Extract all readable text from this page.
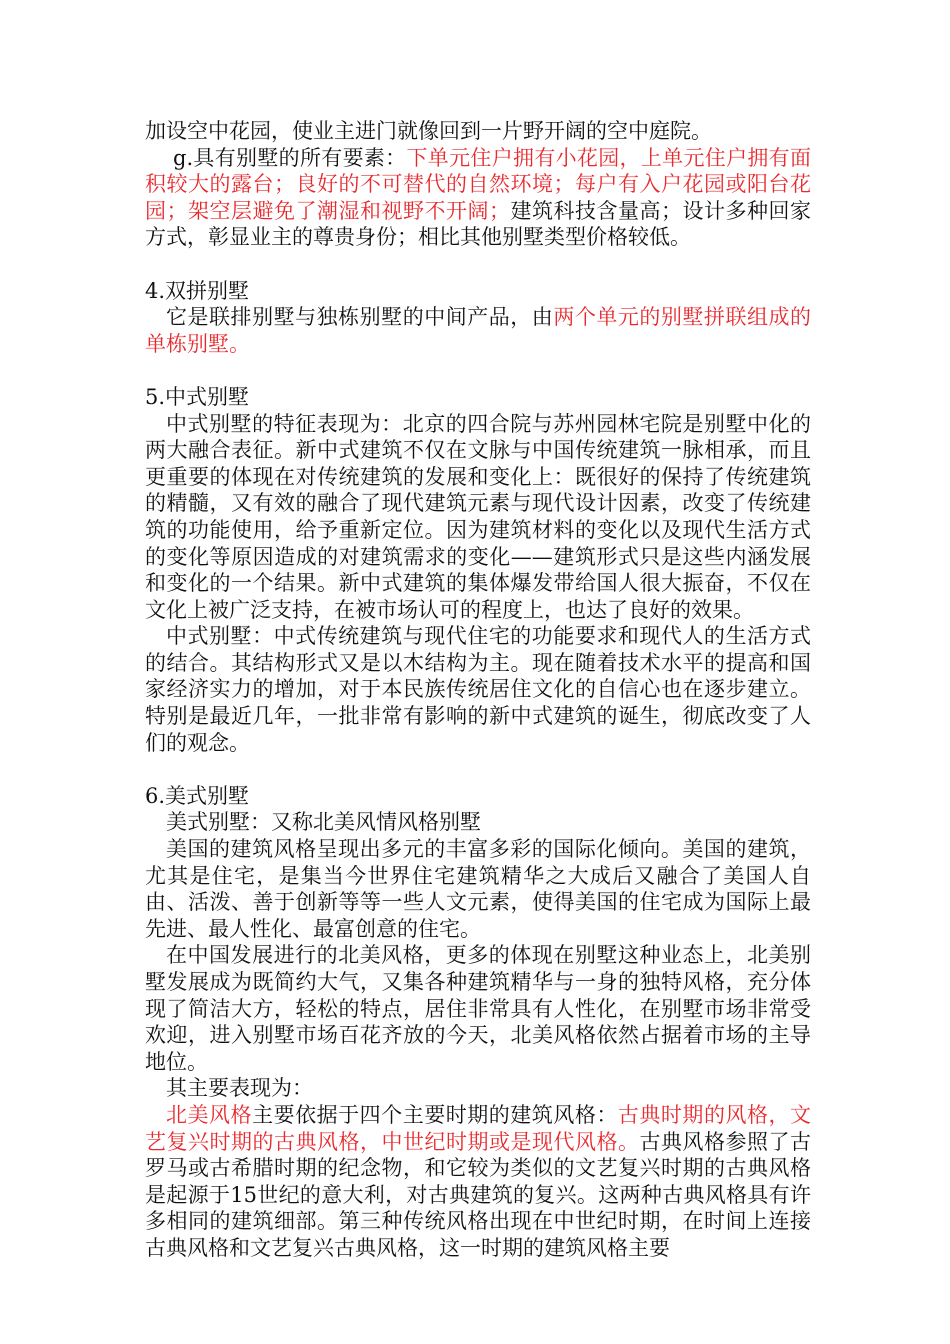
加设空中花园，使业主进门就像回到一片野开阔的空中庭院。

g.具有别墅的所有要素：下单元住户拥有小花园，上单元住户拥有面积较大的露台；良好的不可替代的自然环境；每户有入户花园或阳台花园；架空层避免了潮湿和视野不开阔；建筑科技含量高；设计多种回家方式，彰显业主的尊贵身份；相比其他别墅类型价格较低。

4.双拼别墅

它是联排别墅与独栋别墅的中间产品，由两个单元的别墅拼联组成的单栋别墅。

5.中式别墅

中式别墅的特征表现为：北京的四合院与苏州园林宅院是别墅中化的两大融合表征。新中式建筑不仅在文脉与中国传统建筑一脉相承，而且更重要的体现在对传统建筑的发展和变化上：既很好的保持了传统建筑的精髓，又有效的融合了现代建筑元素与现代设计因素，改变了传统建筑的功能使用，给予重新定位。因为建筑材料的变化以及现代生活方式的变化等原因造成的对建筑需求的变化——建筑形式只是这些内涵发展和变化的一个结果。新中式建筑的集体爆发带给国人很大振奋，不仅在文化上被广泛支持，在被市场认可的程度上，也达了良好的效果。

中式别墅：中式传统建筑与现代住宅的功能要求和现代人的生活方式的结合。其结构形式又是以木结构为主。现在随着技术水平的提高和国家经济实力的增加，对于本民族传统居住文化的自信心也在逐步建立。特别是最近几年，一批非常有影响的新中式建筑的诞生，彻底改变了人们的观念。

6.美式别墅

美式别墅：又称北美风情风格别墅

美国的建筑风格呈现出多元的丰富多彩的国际化倾向。美国的建筑，尤其是住宅，是集当今世界住宅建筑精华之大成后又融合了美国人自由、活泼、善于创新等等一些人文元素，使得美国的住宅成为国际上最先进、最人性化、最富创意的住宅。

在中国发展进行的北美风格，更多的体现在别墅这种业态上，北美别墅发展成为既简约大气，又集各种建筑精华与一身的独特风格，充分体现了简洁大方，轻松的特点，居住非常具有人性化，在别墅市场非常受欢迎，进入别墅市场百花齐放的今天，北美风格依然占据着市场的主导地位。

其主要表现为：

北美风格主要依据于四个主要时期的建筑风格：古典时期的风格，文艺复兴时期的古典风格，中世纪时期或是现代风格。古典风格参照了古罗马或古希腊时期的纪念物，和它较为类似的文艺复兴时期的古典风格是起源于15世纪的意大利，对古典建筑的复兴。这两种古典风格具有许多相同的建筑细部。第三种传统风格出现在中世纪时期，在时间上连接古典风格和文艺复兴古典风格，这一时期的建筑风格主要
